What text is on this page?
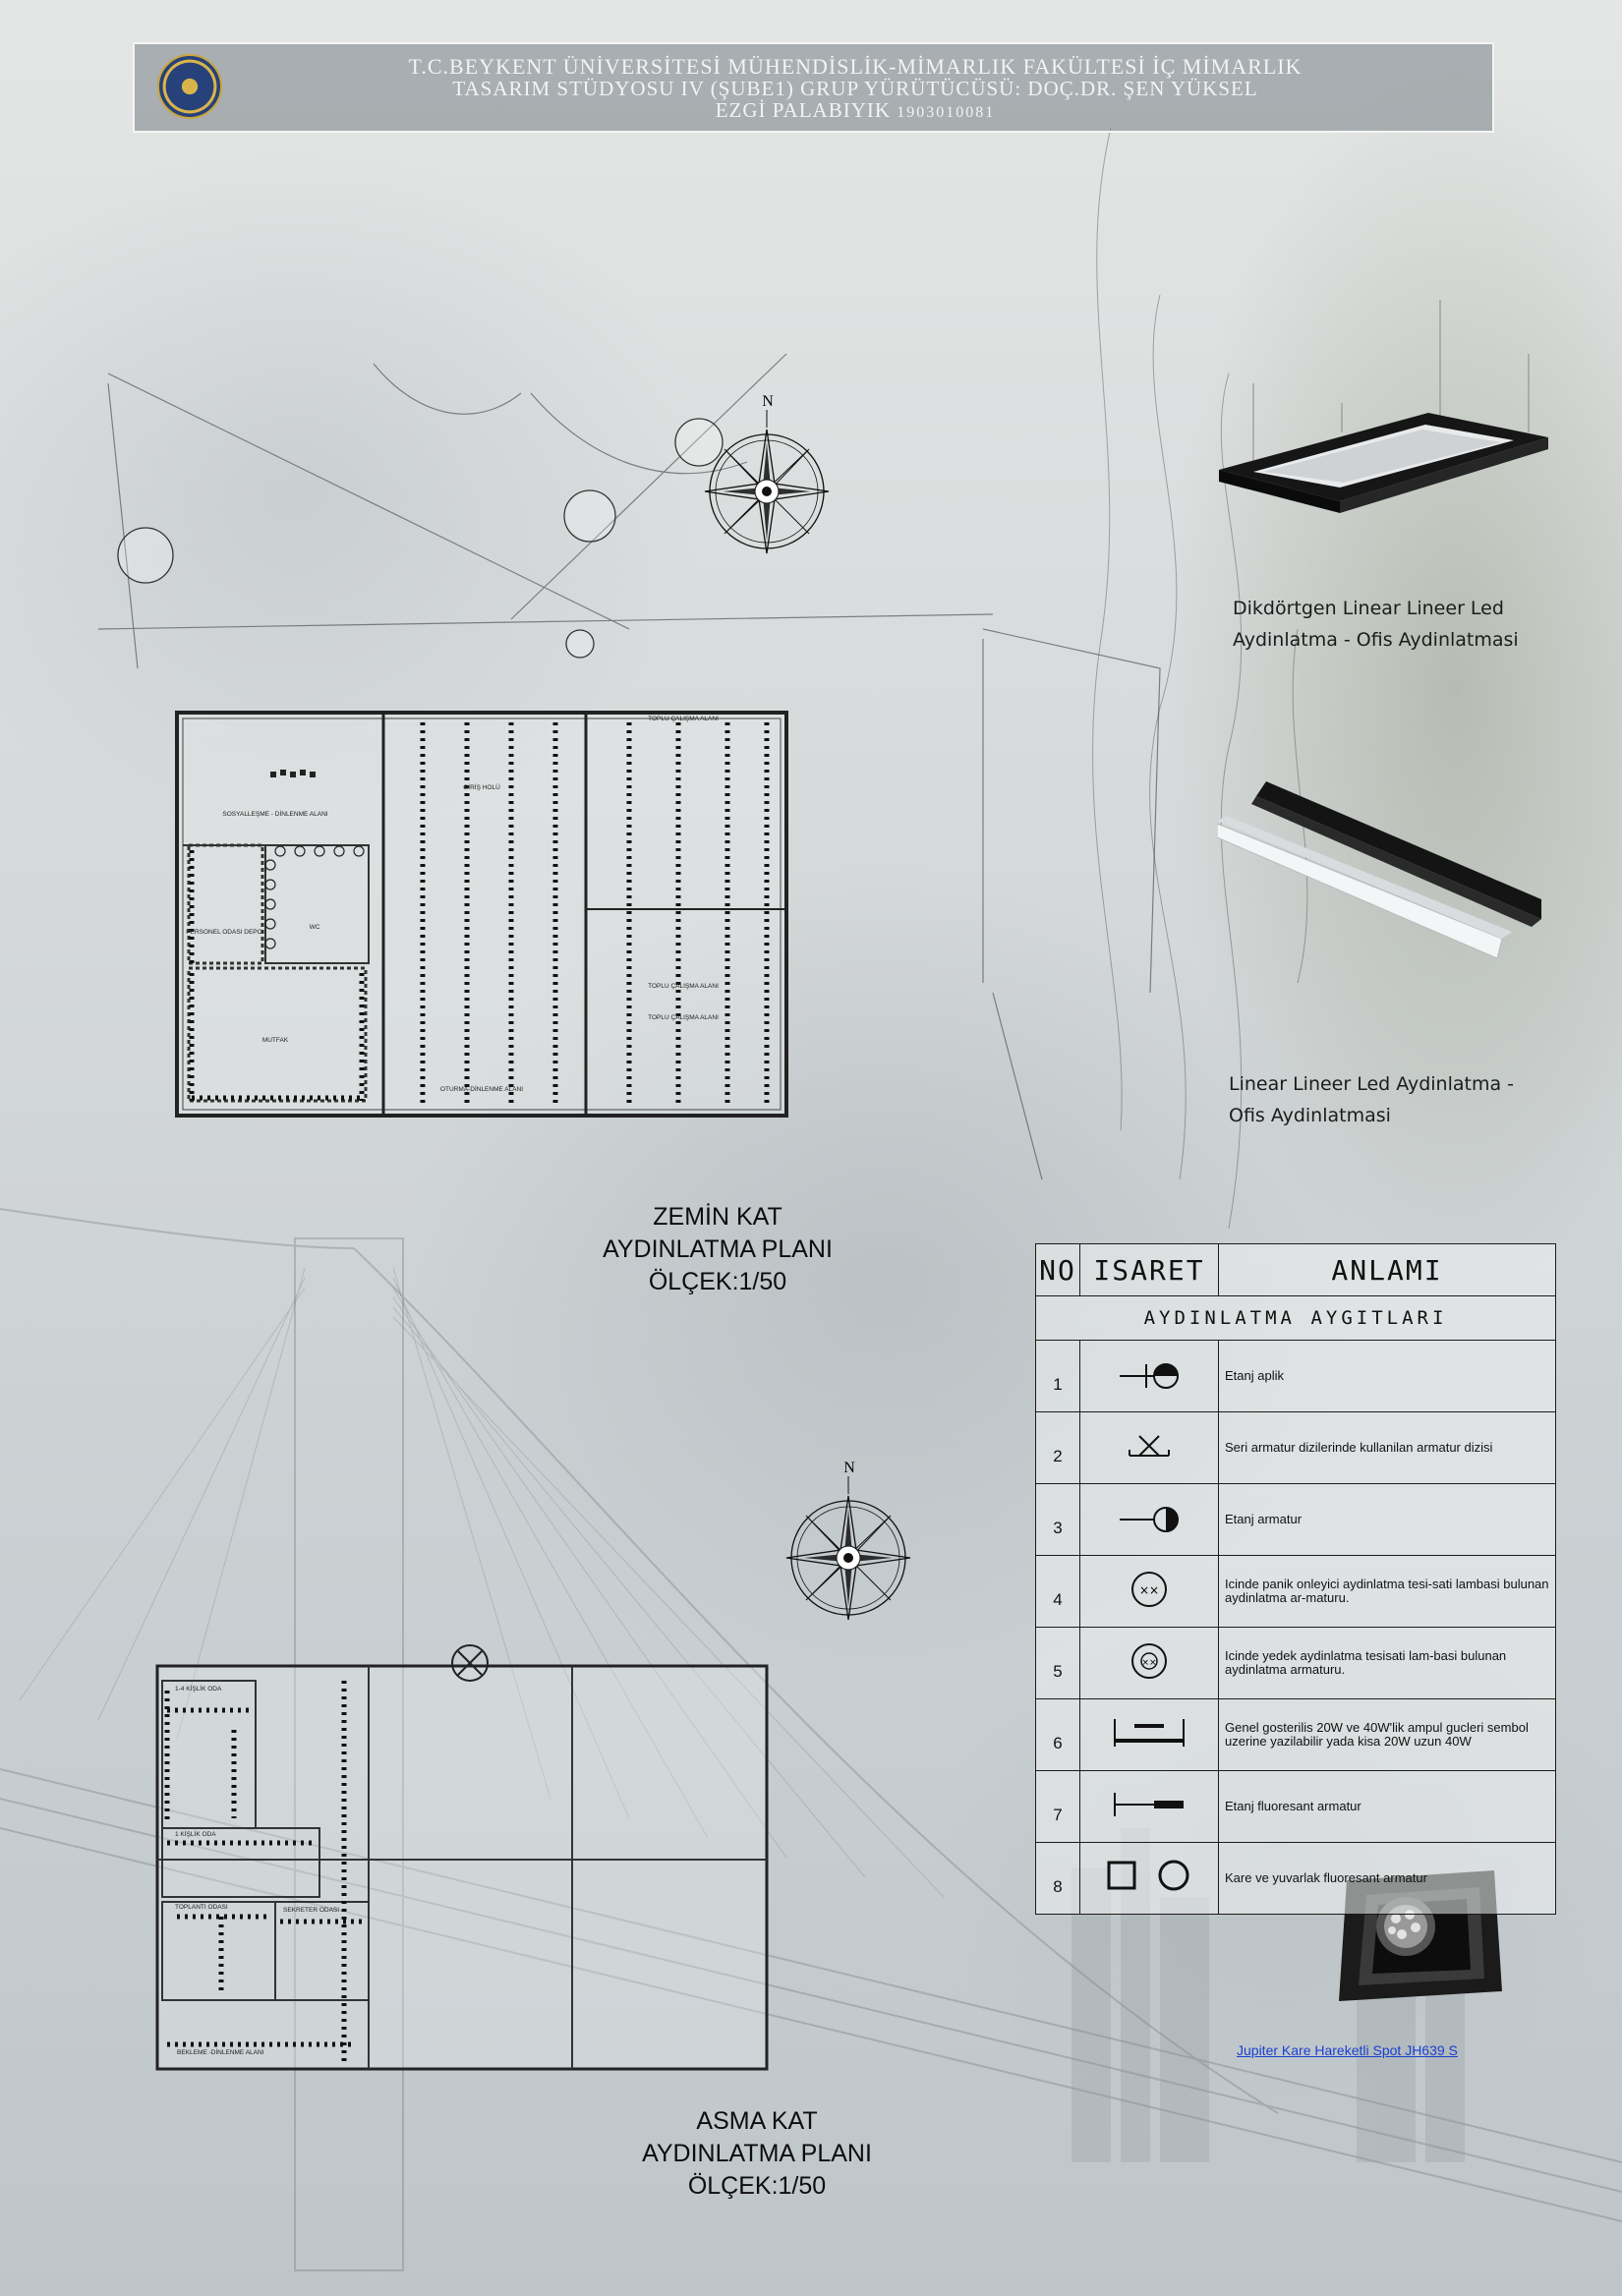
T.C.BEYKENT ÜNİVERSİTESİ MÜHENDİSLİK-MİMARLIK FAKÜLTESİ İÇ MİMARLIK
TASARIM STÜDYOSU IV (ŞUBE1) GRUP YÜRÜTÜCÜSÜ: DOÇ.DR. ŞEN YÜKSEL
EZGİ PALABIYIK 1903010081
N
N
SOSYALLEŞME - DİNLENME ALANI
PERSONEL ODASI DEPO
WC
MUTFAK
GİRİŞ HOLÜ
OTURMA-DİNLENME ALANI
TOPLU ÇALIŞMA ALANI
TOPLU ÇALIŞMA ALANI
TOPLU ÇALIŞMA ALANI
ZEMİN KAT
AYDINLATMA PLANI
ÖLÇEK:1/50
1-4 KİŞLİK ODA
1 KİŞLİK ODA
TOPLANTI ODASI	SEKRETER ODASI
BEKLEME -DİNLENME ALANI
ASMA KAT
AYDINLATMA PLANI
ÖLÇEK:1/50
Dikdörtgen Linear Lineer Led
Aydinlatma - Ofis Aydinlatmasi
Linear Lineer Led Aydinlatma -
Ofis Aydinlatmasi
Jupiter Kare Hareketli Spot JH639 S
NO	ISARET	ANLAMI
AYDINLATMA AYGITLARI		
1		Etanj aplik
2		Seri armatur dizilerinde kullanilan armatur dizisi
3		Etanj armatur
4	××	Icinde panik onleyici aydinlatma tesi-sati lambasi bulunan aydinlatma ar-maturu.
5	××	Icinde yedek aydinlatma tesisati lam-basi bulunan aydinlatma armaturu.
6		Genel gosterilis 20W ve 40W'lik ampul gucleri sembol uzerine yazilabilir yada kisa 20W uzun 40W
7		Etanj fluoresant armatur
8		Kare ve yuvarlak fluoresant armatur
